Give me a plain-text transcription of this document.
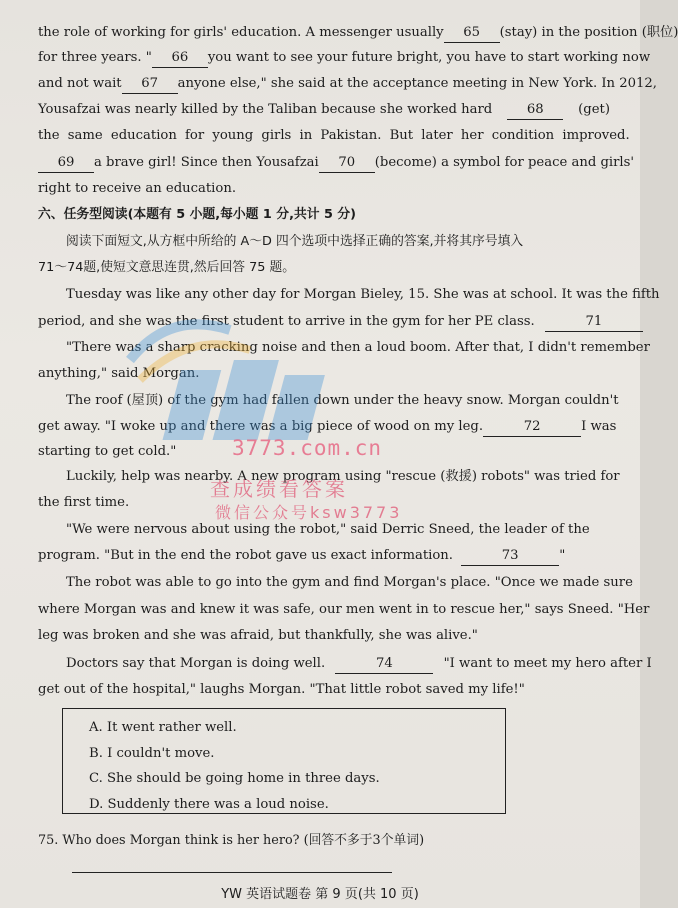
the role of working for girls' education. A messenger usually	65	(stay) in the position (职位)
for three years. "	66	you want to see your future bright, you have to start working now
and not wait	67	anyone else," she said at the acceptance meeting in New York. In 2012,
Yousafzai was nearly killed by the Taliban because she worked hard	68	(get)
the same education for young girls in Pakistan. But later her condition improved.
69	a brave girl! Since then Yousafzai	70	(become) a symbol for peace and girls'
right to receive an education.
六、任务型阅读(本题有 5 小题,每小题 1 分,共计 5 分)
阅读下面短文,从方框中所给的 A～D 四个选项中选择正确的答案,并将其序号填入
71～74题,使短文意思连贯,然后回答 75 题。
Tuesday was like any other day for Morgan Bieley, 15. She was at school. It was the fifth
period, and she was the first student to arrive in the gym for her PE class.	71
"There was a sharp cracking noise and then a loud boom. After that, I didn't remember
anything," said Morgan.
The roof (屋顶) of the gym had fallen down under the heavy snow. Morgan couldn't
get away. "I woke up and there was a big piece of wood on my leg.	72	I was
starting to get cold."
Luckily, help was nearby. A new program using "rescue (救援) robots" was tried for
the first time.
"We were nervous about using the robot," said Derric Sneed, the leader of the
program. "But in the end the robot gave us exact information.	73	"
The robot was able to go into the gym and find Morgan's place. "Once we made sure
where Morgan was and knew it was safe, our men went in to rescue her," says Sneed. "Her
leg was broken and she was afraid, but thankfully, she was alive."
Doctors say that Morgan is doing well.	74	"I want to meet my hero after I
get out of the hospital," laughs Morgan. "That little robot saved my life!"
A. It went rather well.
B. I couldn't move.
C. She should be going home in three days.
D. Suddenly there was a loud noise.
75. Who does Morgan think is her hero? (回答不多于3个单词)
YW 英语试题卷 第 9 页(共 10 页)
3773.com.cn
查成绩看答案
微信公众号ksw3773
